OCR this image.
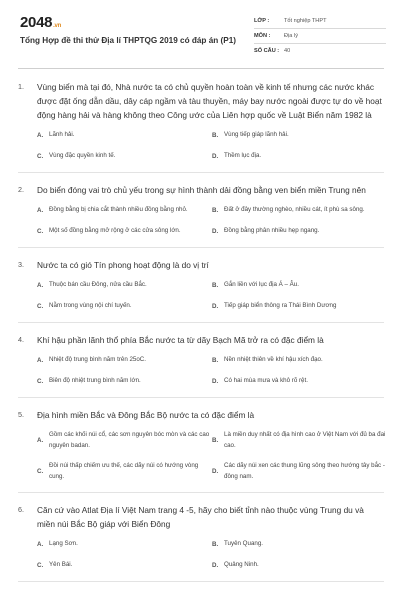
2048.vn
Tổng Hợp đề thi thử Địa lí THPTQG 2019 có đáp án (P1)
LỚP :	Tốt nghiệp THPT
MÔN :	Địa lý
SỐ CÂU : 40
1.	Vùng biển mà tại đó, Nhà nước ta có chủ quyền hoàn toàn về kinh tế nhưng các nước khác được đặt ống dẫn dầu, dây cáp ngầm và tàu thuyền, máy bay nước ngoài được tự do về hoạt động hàng hải và hàng không theo Công ước của Liên hợp quốc về Luật Biển năm 1982 là
A. Lãnh hải.	B. Vùng tiếp giáp lãnh hải.
C. Vùng đặc quyền kinh tế.	D. Thềm lục địa.
2.	Do biển đóng vai trò chủ yếu trong sự hình thành dải đồng bằng ven biển miền Trung nên
A. Đồng bằng bị chia cắt thành nhiều đồng bằng nhỏ.	B. Đất ở đây thường nghèo, nhiều cát, ít phù sa sông.
C. Một số đồng bằng mở rộng ở các cửa sông lớn.	D. Đồng bằng phân nhiều hẹp ngang.
3.	Nước ta có gió Tín phong hoạt động là do vị trí
A. Thuộc bán cầu Đông, nửa cầu Bắc.	B. Gắn liền với lục địa Á – Âu.
C. Nằm trong vùng nội chí tuyến.	D. Tiếp giáp biển thông ra Thái Bình Dương
4.	Khí hậu phần lãnh thổ phía Bắc nước ta từ dãy Bạch Mã trở ra có đặc điểm là
A. Nhiệt độ trung bình năm trên 25oC.	B. Nền nhiệt thiên về khí hậu xích đạo.
C. Biên độ nhiệt trung bình năm lớn.	D. Có hai mùa mưa và khô rõ rệt.
5.	Địa hình miền Bắc và Đông Bắc Bộ nước ta có đặc điểm là
A.
Gồm các khối núi cổ, các sơn nguyên bóc mòn và các cao nguyên badan.
B.
Là miền duy nhất có địa hình cao ở Việt Nam với đủ ba đai cao.
C.
Đồi núi thấp chiếm ưu thế, các dãy núi có hướng vòng cung.
D.
Các dãy núi xen các thung lũng sông theo hướng tây bắc - đông nam.
6.	Căn cứ vào Atlat Địa lí Việt Nam trang 4 -5, hãy cho biết tỉnh nào thuộc vùng Trung du và miền núi Bắc Bộ giáp với Biển Đông
A. Lạng Sơn.	B. Tuyên Quang.
C. Yên Bái.	D. Quảng Ninh.
